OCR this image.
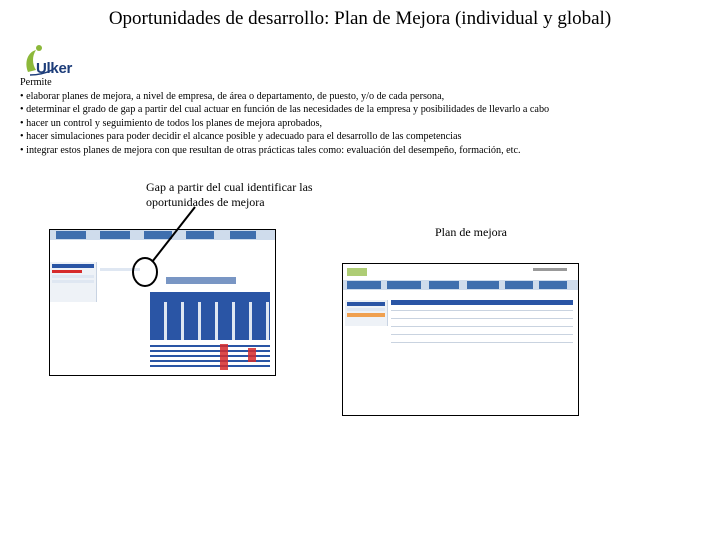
Oportunidades de desarrollo: Plan de Mejora (individual y global)
Ulker
Permite
• elaborar planes de mejora, a nivel de empresa, de área o departamento, de puesto, y/o de cada persona,
• determinar el grado de gap a partir del cual actuar en función de las necesidades de la empresa y posibilidades de llevarlo a cabo
• hacer un control y seguimiento de todos los planes de mejora aprobados,
• hacer simulaciones para poder decidir el alcance posible y adecuado para el desarrollo de las competencias
• integrar estos planes de mejora con que resultan de otras prácticas tales como: evaluación del desempeño, formación, etc.
Gap a partir del cual identificar las
oportunidades de mejora
Plan de mejora
